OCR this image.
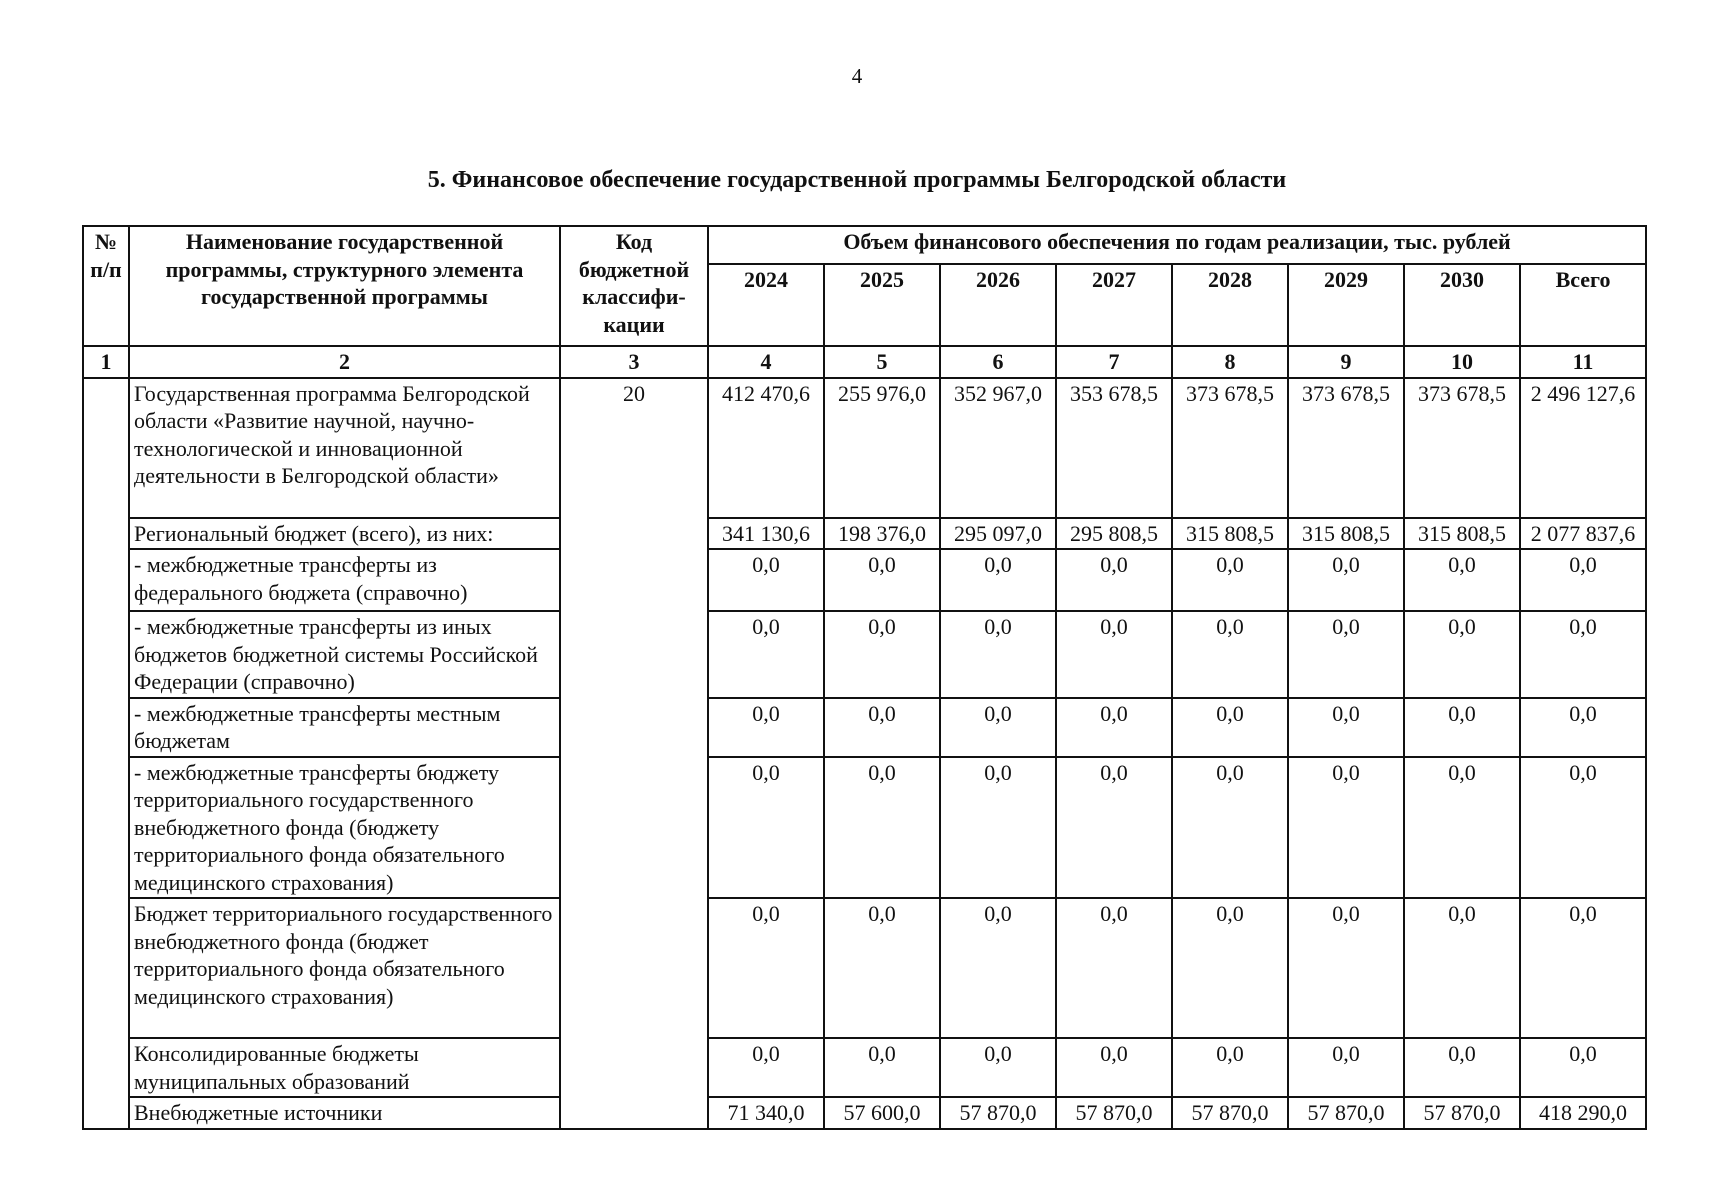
4
5. Финансовое обеспечение государственной программы Белгородской области
№ п/п	Наименование государственной программы, структурного элемента государственной программы	Код бюджетной классифи-кации	Объем финансового обеспечения по годам реализации, тыс. рублей							
			2024	2025	2026	2027	2028	2029	2030	Всего
1	2	3	4	5	6	7	8	9	10	11
	Государственная программа Белгородской области «Развитие научной, научно-технологической и инновационной деятельности в Белгородской области»	20	412 470,6	255 976,0	352 967,0	353 678,5	373 678,5	373 678,5	373 678,5	2 496 127,6
	Региональный бюджет (всего), из них:		341 130,6	198 376,0	295 097,0	295 808,5	315 808,5	315 808,5	315 808,5	2 077 837,6
	- межбюджетные трансферты из федерального бюджета (справочно)		0,0	0,0	0,0	0,0	0,0	0,0	0,0	0,0
	- межбюджетные трансферты из иных бюджетов бюджетной системы Российской Федерации (справочно)		0,0	0,0	0,0	0,0	0,0	0,0	0,0	0,0
	- межбюджетные трансферты местным бюджетам		0,0	0,0	0,0	0,0	0,0	0,0	0,0	0,0
	- межбюджетные трансферты бюджету территориального государственного внебюджетного фонда (бюджету территориального фонда обязательного медицинского страхования)		0,0	0,0	0,0	0,0	0,0	0,0	0,0	0,0
	Бюджет территориального государственного внебюджетного фонда (бюджет территориального фонда обязательного медицинского страхования)		0,0	0,0	0,0	0,0	0,0	0,0	0,0	0,0
	Консолидированные бюджеты муниципальных образований		0,0	0,0	0,0	0,0	0,0	0,0	0,0	0,0
	Внебюджетные источники		71 340,0	57 600,0	57 870,0	57 870,0	57 870,0	57 870,0	57 870,0	418 290,0
